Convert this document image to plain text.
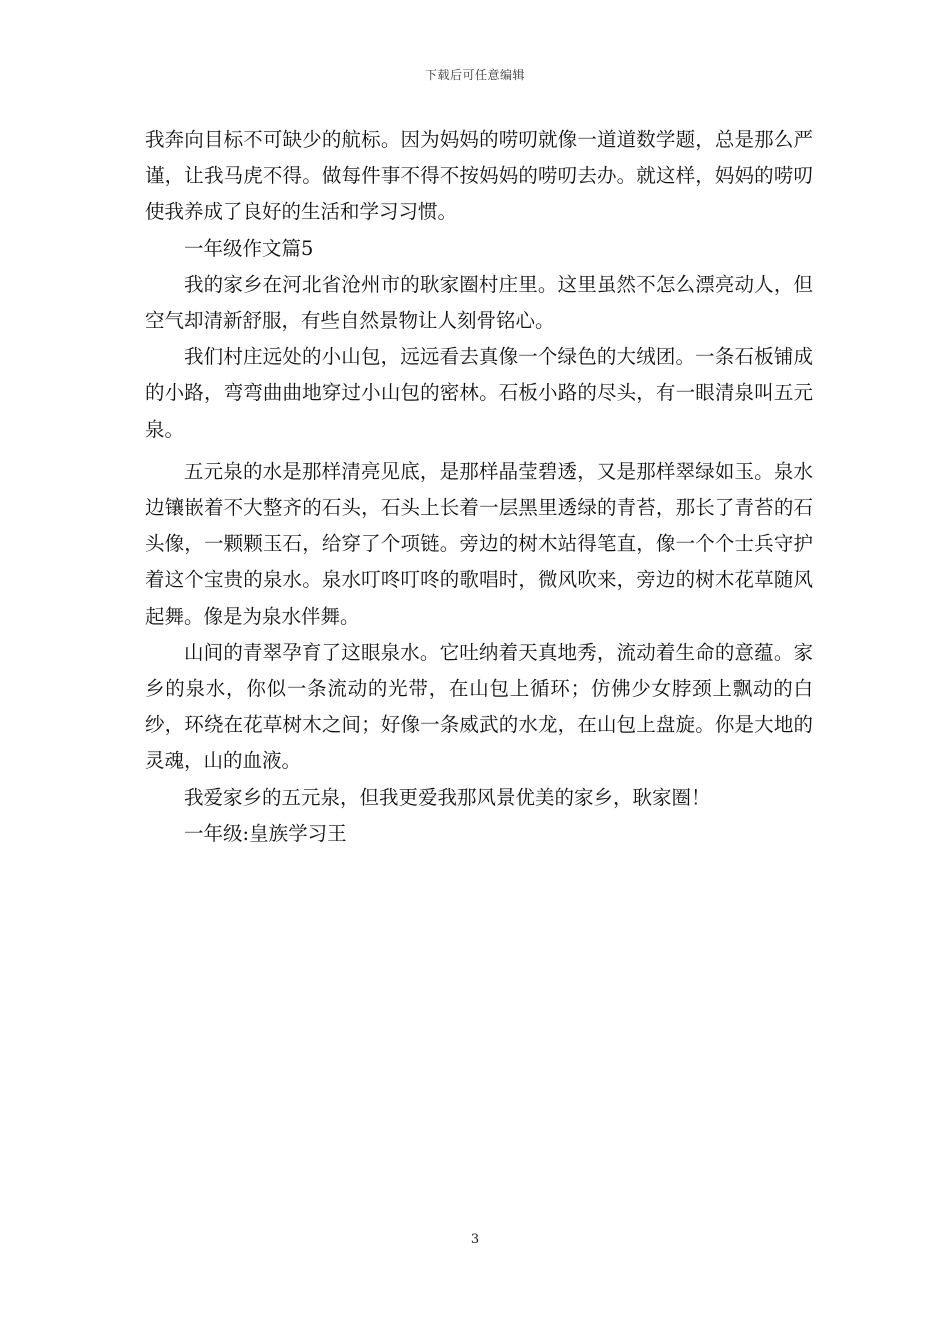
下载后可任意编辑

我奔向目标不可缺少的航标。因为妈妈的唠叨就像一道道数学题，总是那么严谨，让我马虎不得。做每件事不得不按妈妈的唠叨去办。就这样，妈妈的唠叨使我养成了良好的生活和学习习惯。

一年级作文篇5

我的家乡在河北省沧州市的耿家圈村庄里。这里虽然不怎么漂亮动人，但空气却清新舒服，有些自然景物让人刻骨铭心。

我们村庄远处的小山包，远远看去真像一个绿色的大绒团。一条石板铺成的小路，弯弯曲曲地穿过小山包的密林。石板小路的尽头，有一眼清泉叫五元泉。

五元泉的水是那样清亮见底，是那样晶莹碧透，又是那样翠绿如玉。泉水边镶嵌着不大整齐的石头，石头上长着一层黑里透绿的青苔，那长了青苔的石头像，一颗颗玉石，给穿了个项链。旁边的树木站得笔直，像一个个士兵守护着这个宝贵的泉水。泉水叮咚叮咚的歌唱时，微风吹来，旁边的树木花草随风起舞。像是为泉水伴舞。

山间的青翠孕育了这眼泉水。它吐纳着天真地秀，流动着生命的意蕴。家乡的泉水，你似一条流动的光带，在山包上循环；仿佛少女脖颈上飘动的白纱，环绕在花草树木之间；好像一条威武的水龙，在山包上盘旋。你是大地的灵魂，山的血液。

我爱家乡的五元泉，但我更爱我那风景优美的家乡，耿家圈！

一年级:皇族学习王

3
